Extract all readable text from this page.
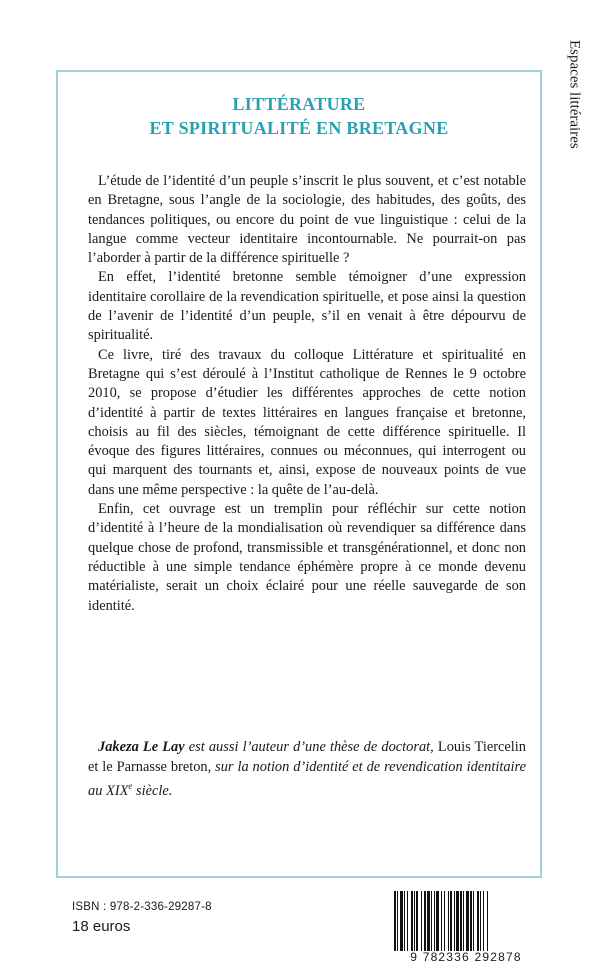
Espaces littéraires
LITTÉRATURE
ET SPIRITUALITÉ EN BRETAGNE

L’étude de l’identité d’un peuple s’inscrit le plus souvent, et c’est notable en Bretagne, sous l’angle de la sociologie, des habitudes, des goûts, des tendances politiques, ou encore du point de vue linguistique : celui de la langue comme vecteur identitaire incontournable. Ne pourrait-on pas l’aborder à partir de la différence spirituelle ?

En effet, l’identité bretonne semble témoigner d’une expression identitaire corollaire de la revendication spirituelle, et pose ainsi la question de l’avenir de l’identité d’un peuple, s’il en venait à être dépourvu de spiritualité.

Ce livre, tiré des travaux du colloque Littérature et spiritualité en Bretagne qui s’est déroulé à l’Institut catholique de Rennes le 9 octobre 2010, se propose d’étudier les différentes approches de cette notion d’identité à partir de textes littéraires en langues française et bretonne, choisis au fil des siècles, témoignant de cette différence spirituelle. Il évoque des figures littéraires, connues ou méconnues, qui interrogent ou qui marquent des tournants et, ainsi, expose de nouveaux points de vue dans une même perspective : la quête de l’au-delà.

Enfin, cet ouvrage est un tremplin pour réfléchir sur cette notion d’identité à l’heure de la mondialisation où revendiquer sa différence dans quelque chose de profond, transmissible et transgénérationnel, et donc non réductible à une simple tendance éphémère propre à ce monde devenu matérialiste, serait un choix éclairé pour une réelle sauvegarde de son identité.

Jakeza Le Lay est aussi l’auteur d’une thèse de doctorat, Louis Tiercelin et le Parnasse breton, sur la notion d’identité et de revendication identitaire au XIXe siècle.
ISBN : 978-2-336-29287-8
18 euros
9 782336 292878
